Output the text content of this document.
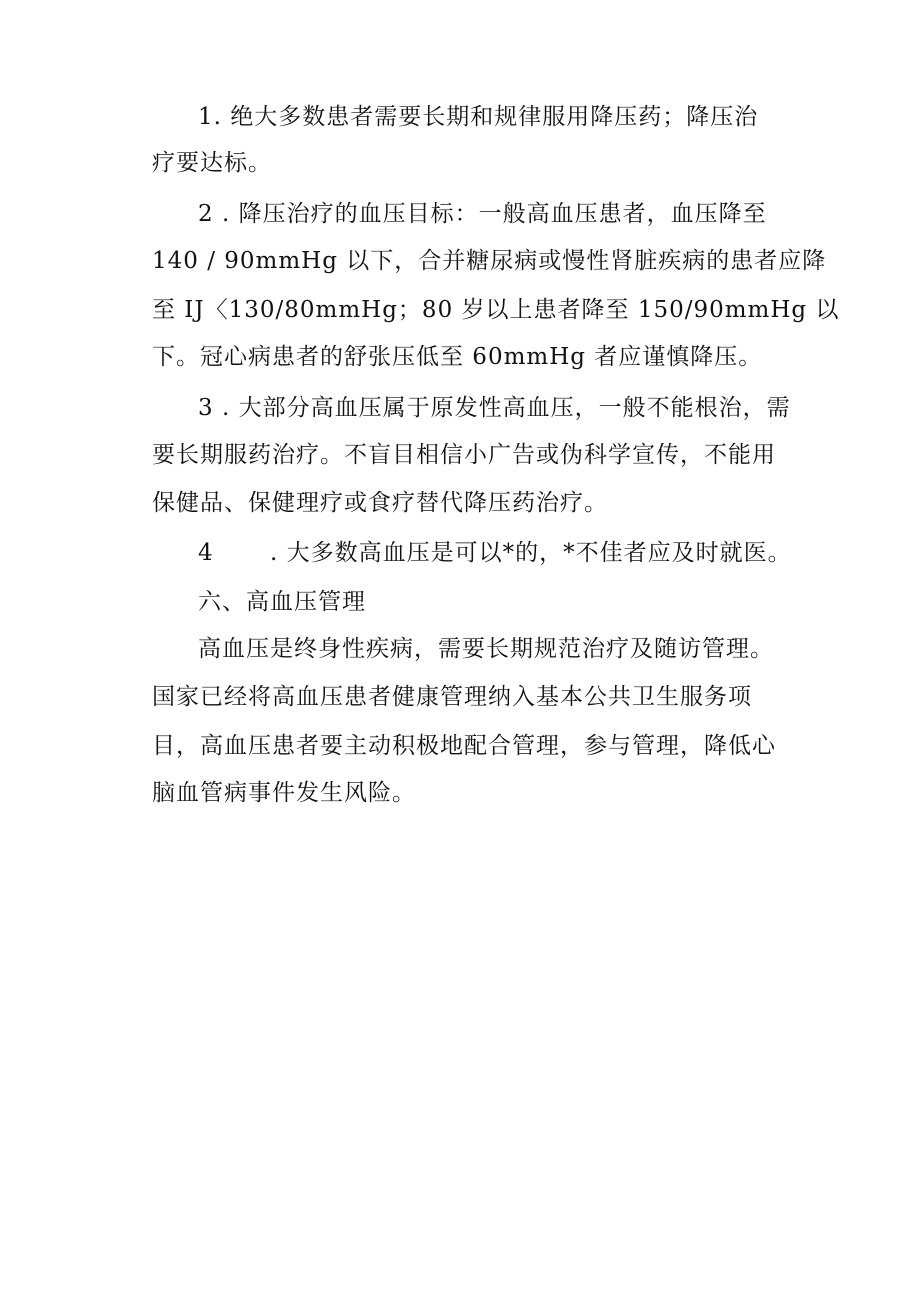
1. 绝大多数患者需要长期和规律服用降压药；降压治
疗要达标。
2 . 降压治疗的血压目标：一般高血压患者，血压降至
140 / 90mmHg 以下，合并糖尿病或慢性肾脏疾病的患者应降
至 IJ〈130/80mmHg；80 岁以上患者降至 150/90mmHg 以
下。冠心病患者的舒张压低至 60mmHg 者应谨慎降压。
3 . 大部分高血压属于原发性高血压，一般不能根治，需
要长期服药治疗。不盲目相信小广告或伪科学宣传，不能用
保健品、保健理疗或食疗替代降压药治疗。
4 　　. 大多数高血压是可以*的，*不佳者应及时就医。
六、高血压管理
高血压是终身性疾病，需要长期规范治疗及随访管理。
国家已经将高血压患者健康管理纳入基本公共卫生服务项
目，高血压患者要主动积极地配合管理，参与管理，降低心
脑血管病事件发生风险。
